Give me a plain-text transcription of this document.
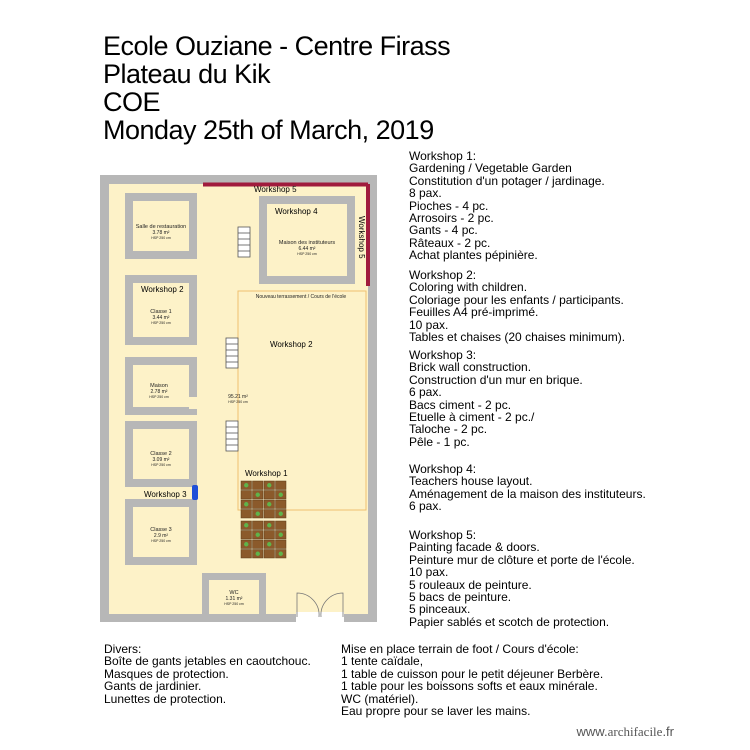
Ecole Ouziane - Centre Firass
Plateau du Kik
COE
Monday 25th of March, 2019
Salle de restauration
3.78 m²
HSP 250 cm
Maison des instituteurs
6.44 m²
HSP 250 cm
Classe 1
3.44 m²
HSP 250 cm
Maison
2.78 m²
HSP 250 cm
Classe 2
3.09 m²
HSP 250 cm
Classe 3
2.9 m²
HSP 250 cm
WC
1.31 m²
HSP 250 cm
Nouveau terrassement / Cours de l'école
95.21 m²
HSP 250 cm
Workshop 5
Workshop 5
Workshop 4
Workshop 2
Workshop 2
Workshop 1
Workshop 3
Workshop 1:
Gardening / Vegetable Garden
Constitution d'un potager / jardinage.
8 pax.
Pioches - 4 pc.
Arrosoirs - 2 pc.
Gants - 4 pc.
Râteaux - 2 pc.
Achat plantes pépinière.
Workshop 2:
Coloring with children.
Coloriage pour les enfants / participants.
Feuilles A4 pré-imprimé.
10 pax.
Tables et chaises (20 chaises minimum).
Workshop 3:
Brick wall construction.
Construction d'un mur en brique.
6 pax.
Bacs ciment - 2 pc.
Etuelle à ciment - 2 pc./
Taloche - 2 pc.
Pêle - 1 pc.
Workshop 4:
Teachers house layout.
Aménagement de la maison des instituteurs.
6 pax.
Workshop 5:
Painting facade & doors.
Peinture mur de clôture et porte de l'école.
10 pax.
5 rouleaux de peinture.
5 bacs de peinture.
5 pinceaux.
Papier sablés et scotch de protection.
Divers:
Boîte de gants jetables en caoutchouc.
Masques de protection.
Gants de jardinier.
Lunettes de protection.
Mise en place terrain de foot / Cours d'école:
1 tente caïdale,
1 table de cuisson pour le petit déjeuner Berbère.
1 table pour les boissons softs et eaux minérale.
WC (matériel).
Eau propre pour se laver les mains.
www.archifacile.fr
